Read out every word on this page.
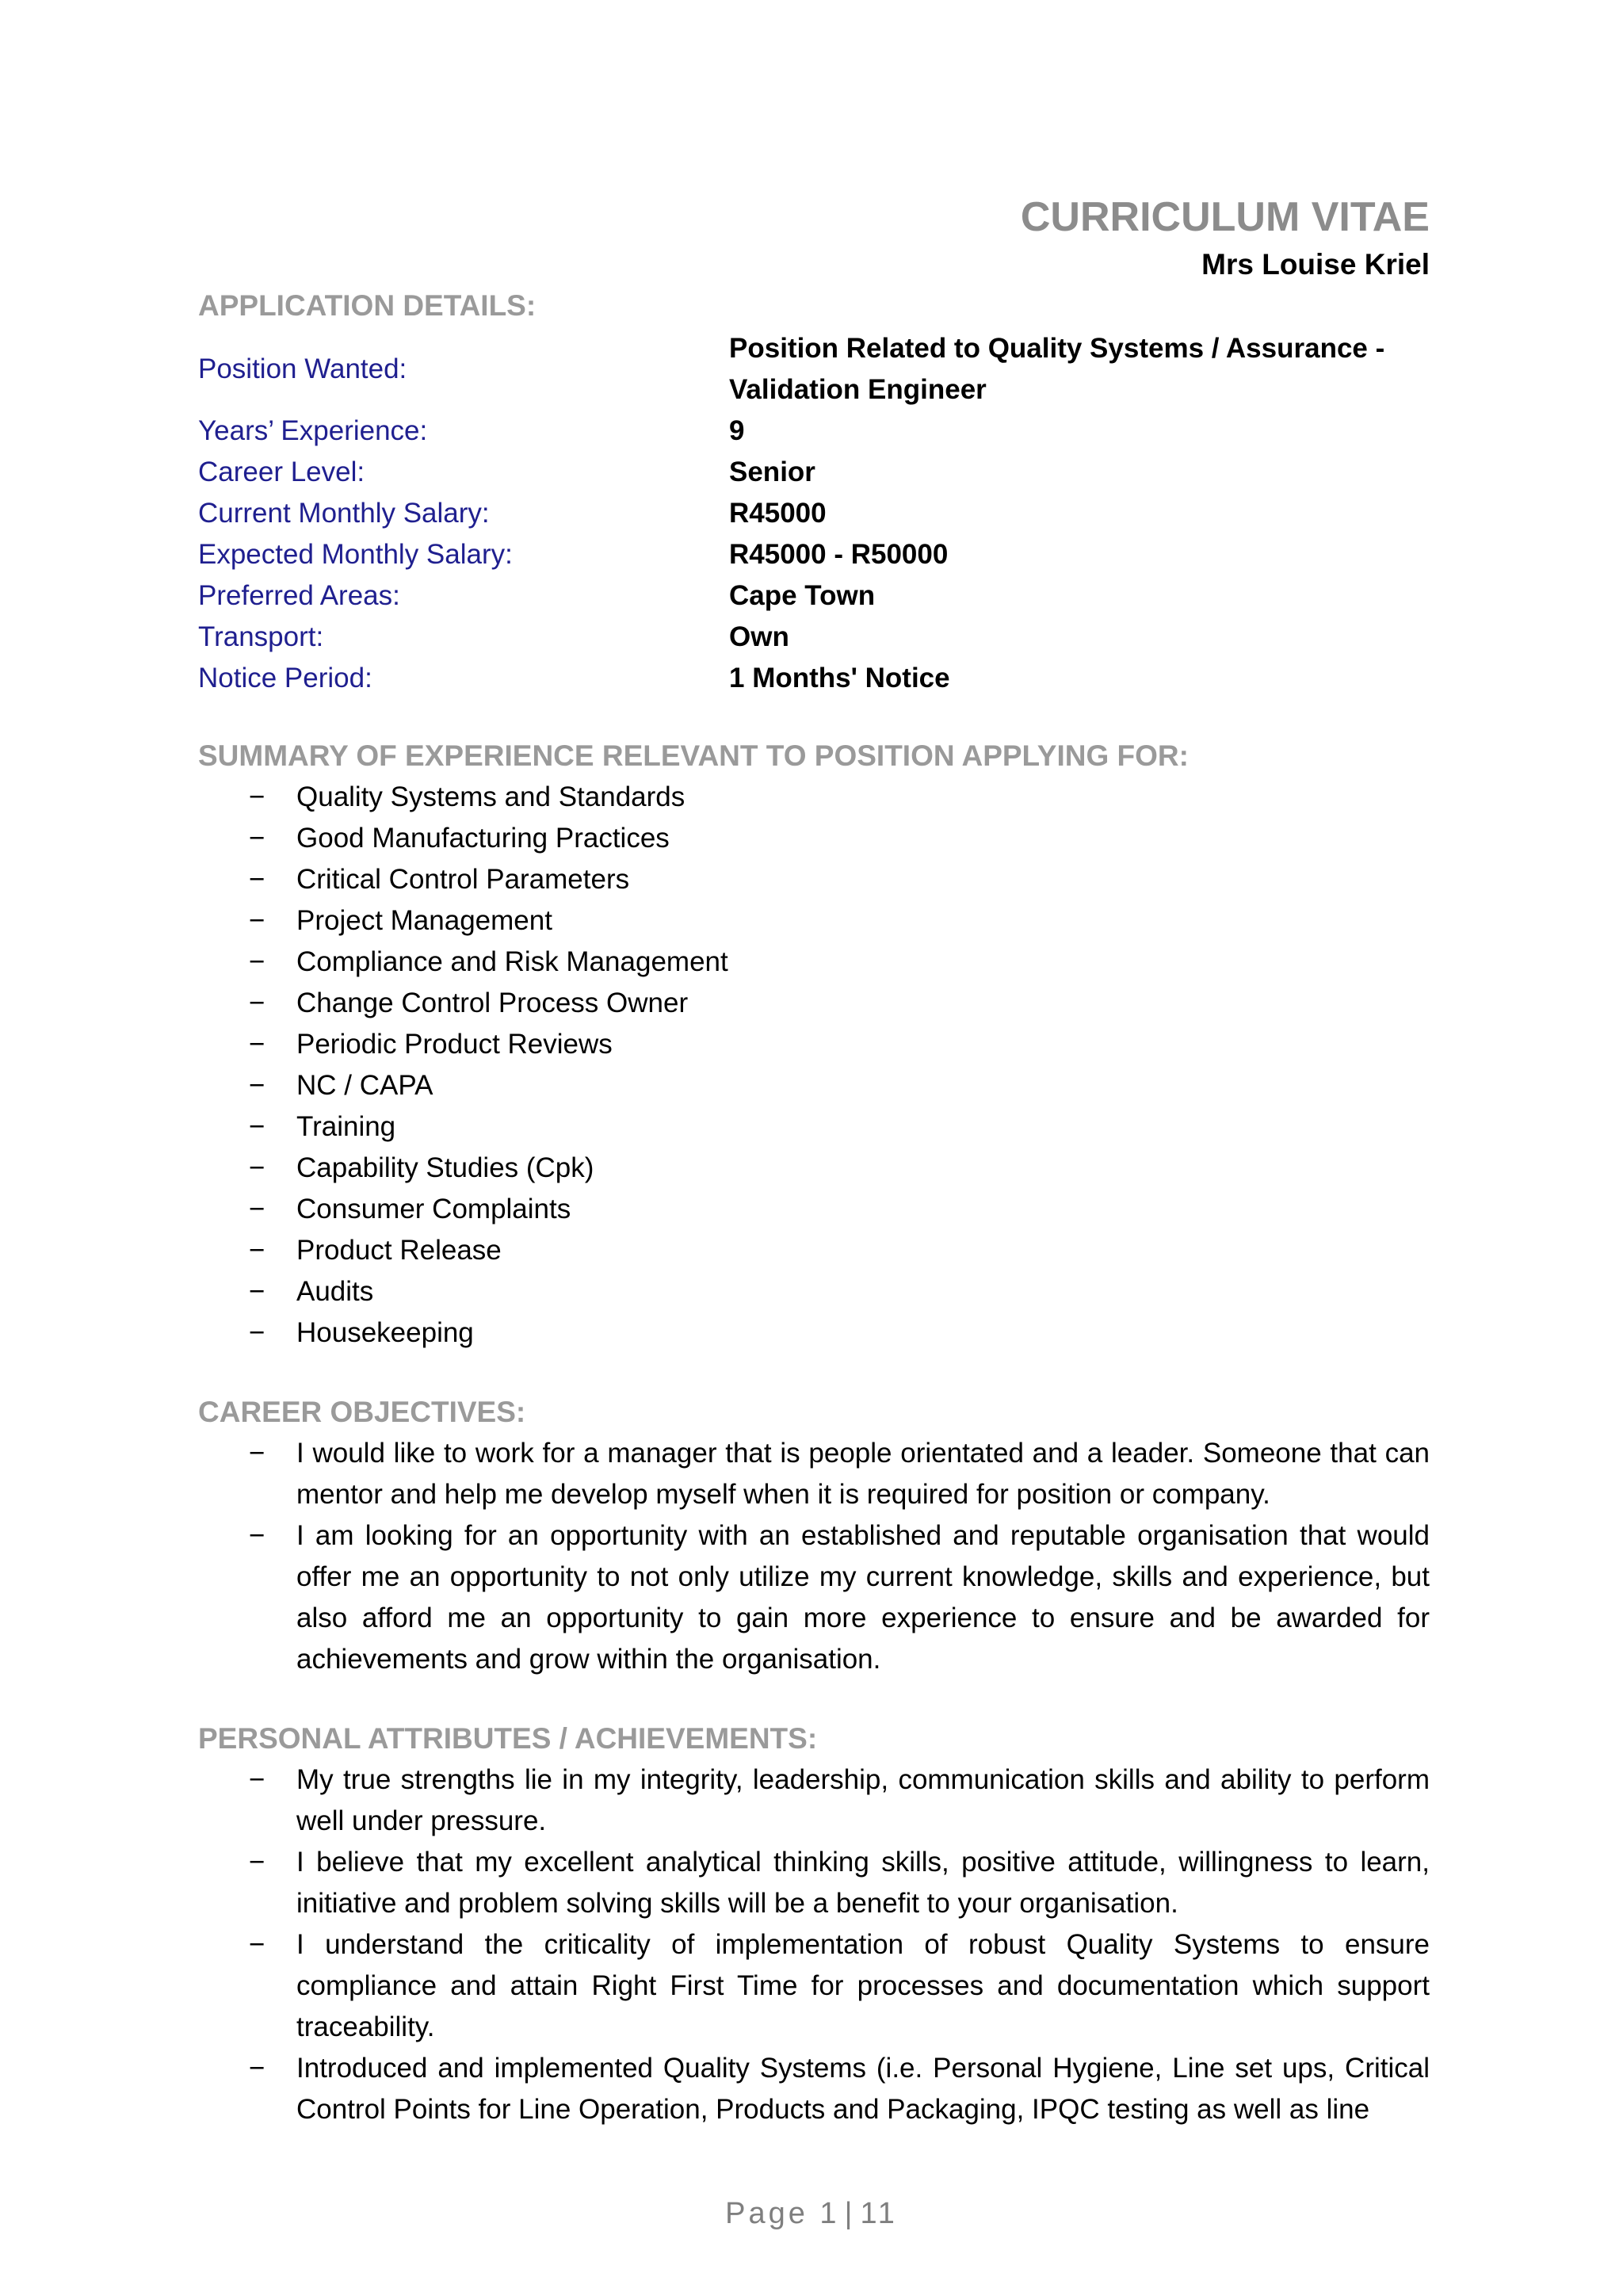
CURRICULUM VITAE

Mrs Louise Kriel

APPLICATION DETAILS:
Position Wanted:
Position Related to Quality Systems / Assurance - Validation Engineer
Years’ Experience:	9
Career Level:	Senior
Current Monthly Salary:	R45000
Expected Monthly Salary:	R45000 - R50000
Preferred Areas:	Cape Town
Transport:	Own
Notice Period:	1 Months' Notice
SUMMARY OF EXPERIENCE RELEVANT TO POSITION APPLYING FOR:
− Quality Systems and Standards
− Good Manufacturing Practices
− Critical Control Parameters
− Project Management
− Compliance and Risk Management
− Change Control Process Owner
− Periodic Product Reviews
− NC / CAPA
− Training
− Capability Studies (Cpk)
− Consumer Complaints
− Product Release
− Audits
− Housekeeping
CAREER OBJECTIVES:
− I would like to work for a manager that is people orientated and a leader. Someone that can mentor and help me develop myself when it is required for position or company.
− I am looking for an opportunity with an established and reputable organisation that would offer me an opportunity to not only utilize my current knowledge, skills and experience, but also afford me an opportunity to gain more experience to ensure and be awarded for achievements and grow within the organisation.
PERSONAL ATTRIBUTES / ACHIEVEMENTS:
− My true strengths lie in my integrity, leadership, communication skills and ability to perform well under pressure.
− I believe that my excellent analytical thinking skills, positive attitude, willingness to learn, initiative and problem solving skills will be a benefit to your organisation.
− I understand the criticality of implementation of robust Quality Systems to ensure compliance and attain Right First Time for processes and documentation which support traceability.
− Introduced and implemented Quality Systems (i.e. Personal Hygiene, Line set ups, Critical Control Points for Line Operation, Products and Packaging, IPQC testing as well as line
Page 1 | 11
